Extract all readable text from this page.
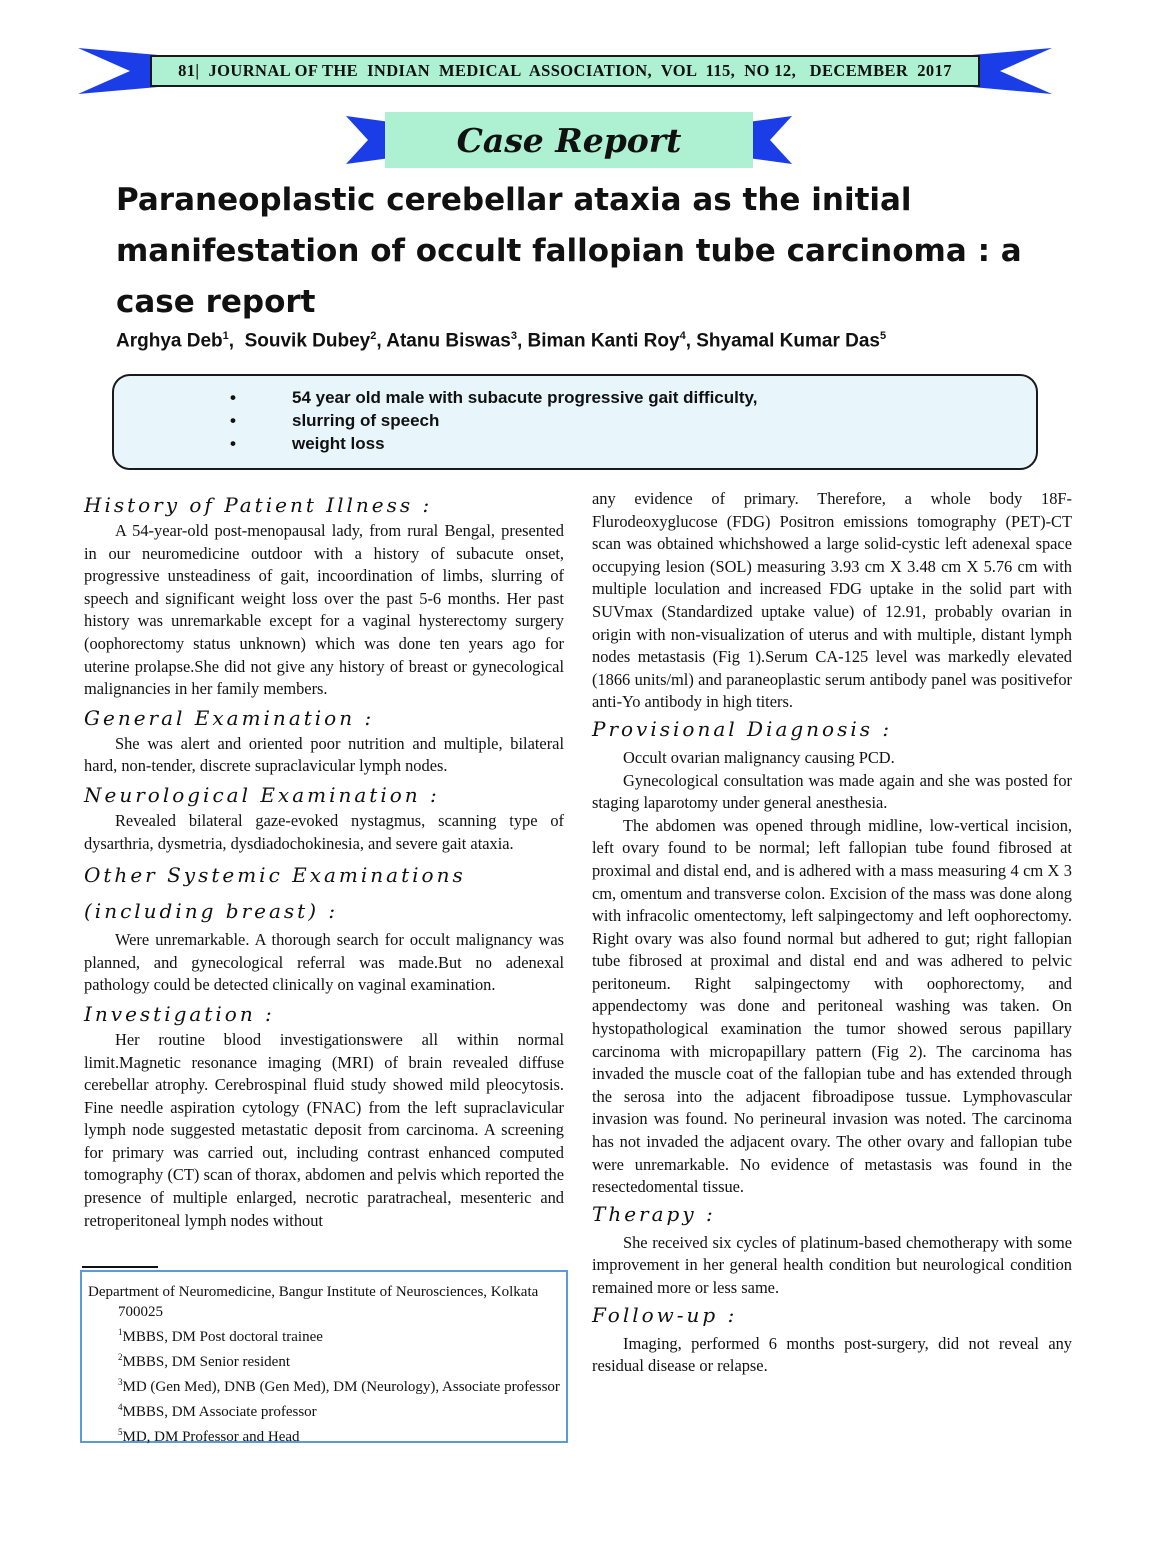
81|  JOURNAL OF THE  INDIAN  MEDICAL  ASSOCIATION,  VOL  115,  NO 12,   DECEMBER  2017
Case Report
Paraneoplastic cerebellar ataxia as the initial manifestation of occult fallopian tube carcinoma : a case report
Arghya Deb$^1$,  Souvik Dubey$^2$, Atanu Biswas$^3$, Biman Kanti Roy$^4$, Shyamal Kumar Das$^5$
•	54 year old male with subacute progressive gait difficulty,
•	slurring of speech
•	weight loss
History of Patient Illness :

A 54-year-old post-menopausal lady, from rural Bengal, presented in our neuromedicine outdoor with a history of subacute onset, progressive unsteadiness of gait, incoordination of limbs, slurring of speech and significant weight loss over the past 5-6 months. Her past history was unremarkable except for a vaginal hysterectomy surgery (oophorectomy status unknown) which was done ten years ago for uterine prolapse.She did not give any history of breast or gynecological malignancies in her family members.

General Examination :

She was alert and oriented poor nutrition and multiple, bilateral hard, non-tender, discrete supraclavicular lymph nodes.

Neurological Examination :

Revealed bilateral gaze-evoked nystagmus, scanning type of dysarthria, dysmetria, dysdiadochokinesia, and severe gait ataxia.

Other Systemic Examinations (including breast) :

Were unremarkable. A thorough search for occult malignancy was planned, and gynecological referral was made.But no adenexal pathology could be detected clinically on vaginal examination.

Investigation :

Her routine blood investigationswere all within normal limit.Magnetic resonance imaging (MRI) of brain revealed diffuse cerebellar atrophy. Cerebrospinal fluid study showed mild pleocytosis. Fine needle aspiration cytology (FNAC) from the left supraclavicular lymph node suggested metastatic deposit from carcinoma. A screening for primary was carried out, including contrast enhanced computed tomography (CT) scan of thorax, abdomen and pelvis which reported the presence of multiple enlarged, necrotic paratracheal, mesenteric and retroperitoneal lymph nodes without

Department of Neuromedicine, Bangur Institute of Neurosciences, Kolkata

700025

$^1$MBBS, DM Post doctoral trainee

$^2$MBBS, DM Senior resident

$^3$MD (Gen Med), DNB (Gen Med), DM (Neurology), Associate professor

$^4$MBBS, DM Associate professor

$^5$MD, DM Professor and Head

any evidence of primary. Therefore, a whole body 18F-Flurodeoxyglucose (FDG) Positron emissions tomography (PET)-CT scan was obtained whichshowed a large solid-cystic left adenexal space occupying lesion (SOL) measuring 3.93 cm X 3.48 cm X 5.76 cm with multiple loculation and increased FDG uptake in the solid part with SUVmax (Standardized uptake value) of 12.91, probably ovarian in origin with non-visualization of uterus and with multiple, distant lymph nodes metastasis (Fig 1).Serum CA-125 level was markedly elevated (1866 units/ml) and paraneoplastic serum antibody panel was positivefor anti-Yo antibody in high titers.

Provisional Diagnosis :

Occult ovarian malignancy causing PCD.

Gynecological consultation was made again and she was posted for staging laparotomy under general anesthesia.

The abdomen was opened through midline, low-vertical incision, left ovary found to be normal; left fallopian tube found fibrosed at proximal and distal end, and is adhered with a mass measuring 4 cm X 3 cm, omentum and transverse colon. Excision of the mass was done along with infracolic omentectomy, left salpingectomy and left oophorectomy. Right ovary was also found normal but adhered to gut; right fallopian tube fibrosed at proximal and distal end and was adhered to pelvic peritoneum. Right salpingectomy with oophorectomy, and appendectomy was done and peritoneal washing was taken. On hystopathological examination the tumor showed serous papillary carcinoma with micropapillary pattern (Fig 2). The carcinoma has invaded the muscle coat of the fallopian tube and has extended through the serosa into the adjacent fibroadipose tussue. Lymphovascular invasion was found. No perineural invasion was noted. The carcinoma has not invaded the adjacent ovary. The other ovary and fallopian tube were unremarkable. No evidence of metastasis was found in the resectedomental tissue.

Therapy :

She received six cycles of platinum-based chemotherapy with some improvement in her general health condition but neurological condition remained more or less same.

Follow-up :

Imaging, performed 6 months post-surgery, did not reveal any residual disease or relapse.
